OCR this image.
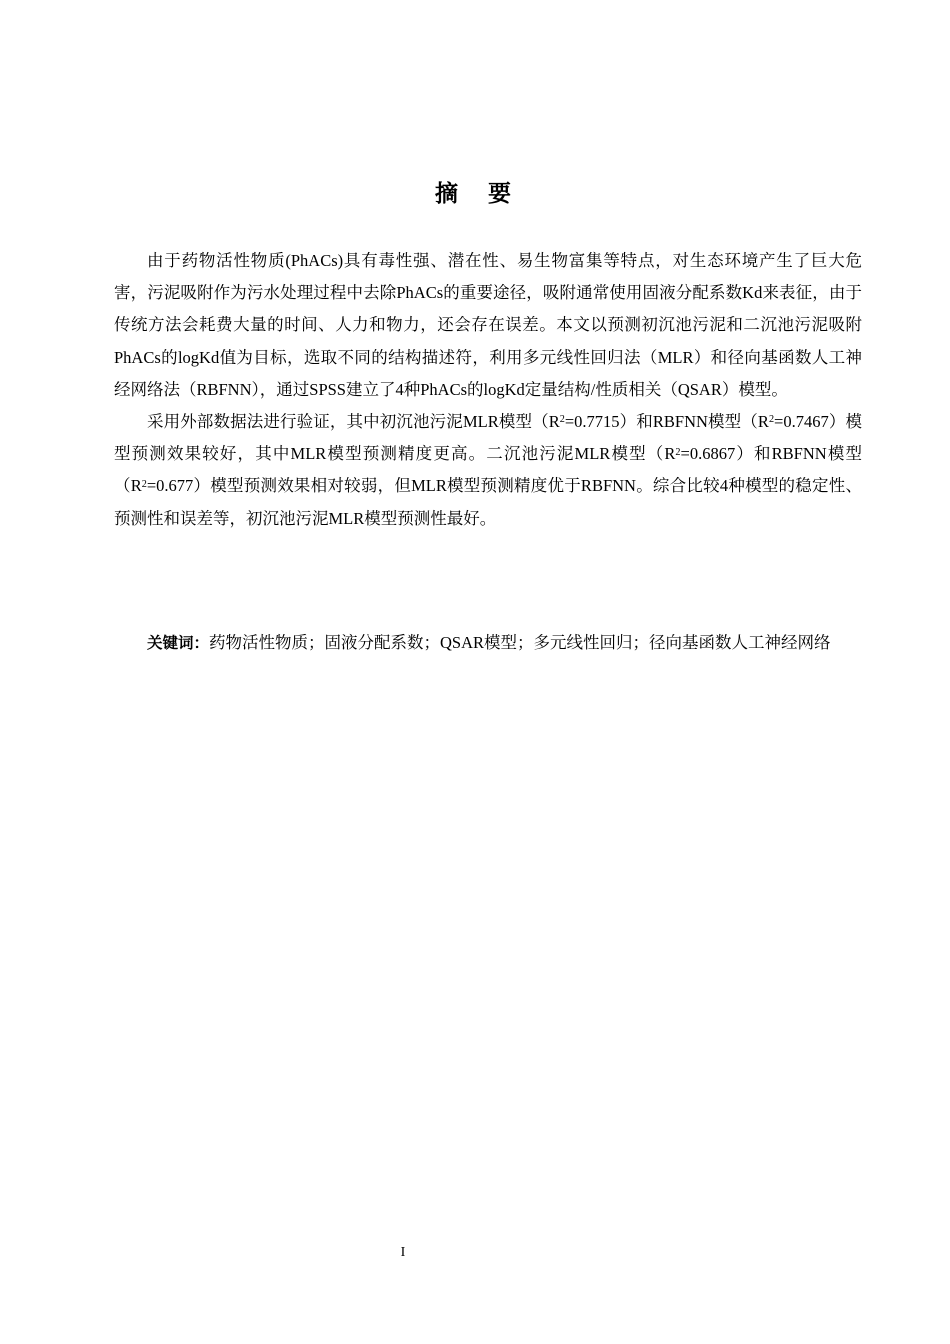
摘要

由于药物活性物质(PhACs)具有毒性强、潜在性、易生物富集等特点，对生态环境产生了巨大危害，污泥吸附作为污水处理过程中去除PhACs的重要途径，吸附通常使用固液分配系数Kd来表征，由于传统方法会耗费大量的时间、人力和物力，还会存在误差。本文以预测初沉池污泥和二沉池污泥吸附PhACs的logKd值为目标，选取不同的结构描述符，利用多元线性回归法（MLR）和径向基函数人工神经网络法（RBFNN），通过SPSS建立了4种PhACs的logKd定量结构/性质相关（QSAR）模型。

采用外部数据法进行验证，其中初沉池污泥MLR模型$(R^2=0.7715)$和RBFNN模型$(R^2=0.7467)$模型预测效果较好，其中MLR模型预测精度更高。二沉池污泥MLR模型$(R^2=0.6867)$和RBFNN模型$(R^2=0.677)$模型预测效果相对较弱，但MLR模型预测精度优于RBFNN。综合比较4种模型的稳定性、预测性和误差等，初沉池污泥MLR模型预测性最好。

关键词：药物活性物质；固液分配系数；QSAR模型；多元线性回归；径向基函数人工神经网络
I
